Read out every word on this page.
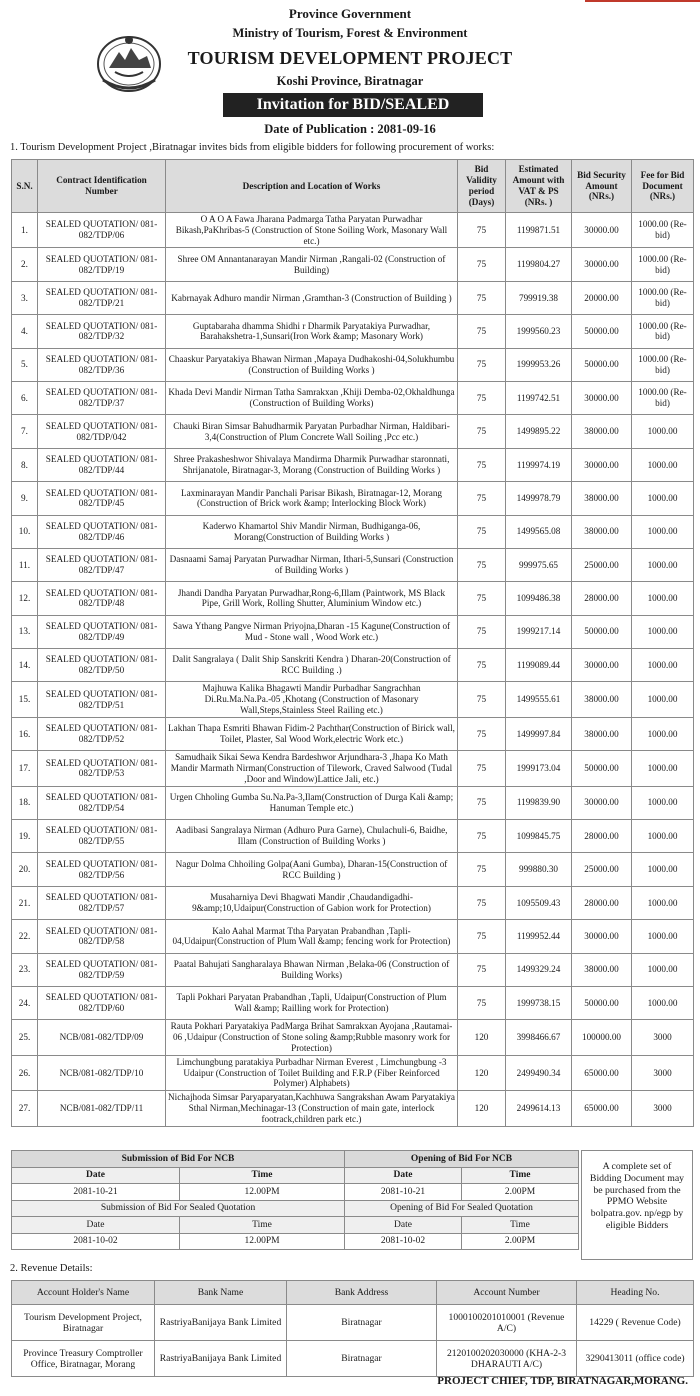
Province Government
Ministry of Tourism, Forest & Environment
TOURISM DEVELOPMENT PROJECT
Koshi Province, Biratnagar
Invitation for BID/SEALED
Date of Publication : 2081-09-16
1. Tourism Development Project ,Biratnagar invites bids from eligible bidders for following procurement of works:
S.N.	Contract Identification Number	Description and Location of Works	Bid Validity period (Days)	Estimated Amount with VAT & PS (NRs. )	Bid Security Amount (NRs.)	Fee for Bid Document (NRs.)
1.	SEALED QUOTATION/ 081-082/TDP/06	O A O A Fawa Jharana Padmarga Tatha Paryatan Purwadhar Bikash,PaKhribas-5 (Construction of Stone Soiling Work, Masonary Wall etc.)	75	1199871.51	30000.00	1000.00 (Re-bid)
2.	SEALED QUOTATION/ 081-082/TDP/19	Shree OM Annantanarayan Mandir Nirman ,Rangali-02 (Construction of Building)	75	1199804.27	30000.00	1000.00 (Re-bid)
3.	SEALED QUOTATION/ 081-082/TDP/21	Kabrnayak Adhuro mandir Nirman ,Gramthan-3 (Construction of Building )	75	799919.38	20000.00	1000.00 (Re-bid)
4.	SEALED QUOTATION/ 081-082/TDP/32	Guptabaraha dhamma Shidhi r Dharmik Paryatakiya Purwadhar, Barahakshetra-1,Sunsari(Iron Work &amp; Masonary Work)	75	1999560.23	50000.00	1000.00 (Re-bid)
5.	SEALED QUOTATION/ 081-082/TDP/36	Chaaskur Paryatakiya Bhawan Nirman ,Mapaya Dudhakoshi-04,Solukhumbu (Construction of Building Works )	75	1999953.26	50000.00	1000.00 (Re-bid)
6.	SEALED QUOTATION/ 081-082/TDP/37	Khada Devi Mandir Nirman Tatha Samrakxan ,Khiji Demba-02,Okhaldhunga (Construction of Building Works)	75	1199742.51	30000.00	1000.00 (Re-bid)
7.	SEALED QUOTATION/ 081-082/TDP/042	Chauki Biran Simsar Bahudharmik Paryatan Purbadhar Nirman, Haldibari-3,4(Construction of Plum Concrete Wall Soiling ,Pcc etc.)	75	1499895.22	38000.00	1000.00
8.	SEALED QUOTATION/ 081-082/TDP/44	Shree Prakasheshwor Shivalaya Mandirma Dharmik Purwadhar staronnati, Shrijanatole, Biratnagar-3, Morang (Construction of Building Works )	75	1199974.19	30000.00	1000.00
9.	SEALED QUOTATION/ 081-082/TDP/45	Laxminarayan Mandir Panchali Parisar Bikash, Biratnagar-12, Morang (Construction of Brick work &amp; Interlocking Block Work)	75	1499978.79	38000.00	1000.00
10.	SEALED QUOTATION/ 081-082/TDP/46	Kaderwo Khamartol Shiv Mandir Nirman, Budhiganga-06, Morang(Construction of Building Works )	75	1499565.08	38000.00	1000.00
11.	SEALED QUOTATION/ 081-082/TDP/47	Dasnaami Samaj Paryatan Purwadhar Nirman, Ithari-5,Sunsari (Construction of Building Works )	75	999975.65	25000.00	1000.00
12.	SEALED QUOTATION/ 081-082/TDP/48	Jhandi Dandha Paryatan Purwadhar,Rong-6,Illam (Paintwork, MS Black Pipe, Grill Work, Rolling Shutter, Aluminium Window etc.)	75	1099486.38	28000.00	1000.00
13.	SEALED QUOTATION/ 081-082/TDP/49	Sawa Ythang Pangve Nirman Priyojna,Dharan -15 Kagune(Construction of Mud - Stone wall , Wood Work etc.)	75	1999217.14	50000.00	1000.00
14.	SEALED QUOTATION/ 081-082/TDP/50	Dalit Sangralaya ( Dalit Ship Sanskriti Kendra ) Dharan-20(Construction of RCC Building .)	75	1199089.44	30000.00	1000.00
15.	SEALED QUOTATION/ 081-082/TDP/51	Majhuwa Kalika Bhagawti Mandir Purbadhar Sangrachhan Di.Ru.Ma.Na.Pa.-05 ,Khotang (Construction of Masonary Wall,Steps,Stainless Steel Railing etc.)	75	1499555.61	38000.00	1000.00
16.	SEALED QUOTATION/ 081-082/TDP/52	Lakhan Thapa Esmriti Bhawan Fidim-2 Pachthar(Construction of Birick wall, Toilet, Plaster, Sal Wood Work,electric Work etc.)	75	1499997.84	38000.00	1000.00
17.	SEALED QUOTATION/ 081-082/TDP/53	Samudhaik Sikai Sewa Kendra Bardeshwor Arjundhara-3 ,Jhapa Ko Math Mandir Marmath Nirman(Construction of Tilework, Craved Salwood (Tudal ,Door and Window)Lattice Jali, etc.)	75	1999173.04	50000.00	1000.00
18.	SEALED QUOTATION/ 081-082/TDP/54	Urgen Chholing Gumba Su.Na.Pa-3,Ilam(Construction of Durga Kali &amp; Hanuman Temple etc.)	75	1199839.90	30000.00	1000.00
19.	SEALED QUOTATION/ 081-082/TDP/55	Aadibasi Sangralaya Nirman (Adhuro Pura Garne), Chulachuli-6, Baidhe, Illam (Construction of Building Works )	75	1099845.75	28000.00	1000.00
20.	SEALED QUOTATION/ 081-082/TDP/56	Nagur Dolma Chhoiling Golpa(Aani Gumba), Dharan-15(Construction of RCC Building )	75	999880.30	25000.00	1000.00
21.	SEALED QUOTATION/ 081-082/TDP/57	Musaharniya Devi Bhagwati Mandir ,Chaudandigadhi-9&amp;10,Udaipur(Construction of Gabion work for Protection)	75	1095509.43	28000.00	1000.00
22.	SEALED QUOTATION/ 081-082/TDP/58	Kalo Aahal Marmat Ttha Paryatan Prabandhan ,Tapli-04,Udaipur(Construction of Plum Wall &amp; fencing work for Protection)	75	1199952.44	30000.00	1000.00
23.	SEALED QUOTATION/ 081-082/TDP/59	Paatal Bahujati Sangharalaya Bhawan Nirman ,Belaka-06 (Construction of Building Works)	75	1499329.24	38000.00	1000.00
24.	SEALED QUOTATION/ 081-082/TDP/60	Tapli Pokhari Paryatan Prabandhan ,Tapli, Udaipur(Construction of Plum Wall &amp; Railling work for Protection)	75	1999738.15	50000.00	1000.00
25.	NCB/081-082/TDP/09	Rauta Pokhari Paryatakiya PadMarga Brihat Samrakxan Ayojana ,Rautamai-06 ,Udaipur (Construction of Stone soling &amp;Rubble masonry work for Protection)	120	3998466.67	100000.00	3000
26.	NCB/081-082/TDP/10	Limchungbung paratakiya Purbadhar Nirman Everest , Limchungbung -3 Udaipur (Construction of Toilet Building and F.R.P (Fiber Reinforced Polymer) Alphabets)	120	2499490.34	65000.00	3000
27.	NCB/081-082/TDP/11	Nichajhoda Simsar Paryaparyatan,Kachhuwa Sangrakshan Awam Paryatakiya Sthal Nirman,Mechinagar-13 (Construction of main gate, interlock footrack,children park etc.)	120	2499614.13	65000.00	3000
Submission of Bid For NCB		Opening of Bid For NCB	
Date	Time	Date	Time
2081-10-21	12.00PM	2081-10-21	2.00PM
Submission of Bid For Sealed Quotation		Opening of Bid For Sealed Quotation	
Date	Time	Date	Time
2081-10-02	12.00PM	2081-10-02	2.00PM
A complete set of Bidding Document may be purchased from the PPMO Website bolpatra.gov. np/egp by eligible Bidders
2. Revenue Details:
Account Holder's Name	Bank Name	Bank Address	Account Number	Heading No.
Tourism Development Project, Biratnagar	RastriyaBanijaya Bank Limited	Biratnagar	1000100201010001 (Revenue A/C)	14229 ( Revenue Code)
Province Treasury Comptroller Office, Biratnagar, Morang	RastriyaBanijaya Bank Limited	Biratnagar	2120100202030000 (KHA-2-3 DHARAUTI A/C)	3290413011 (office code)
PROJECT CHIEF, TDP, BIRATNAGAR,MORANG.
